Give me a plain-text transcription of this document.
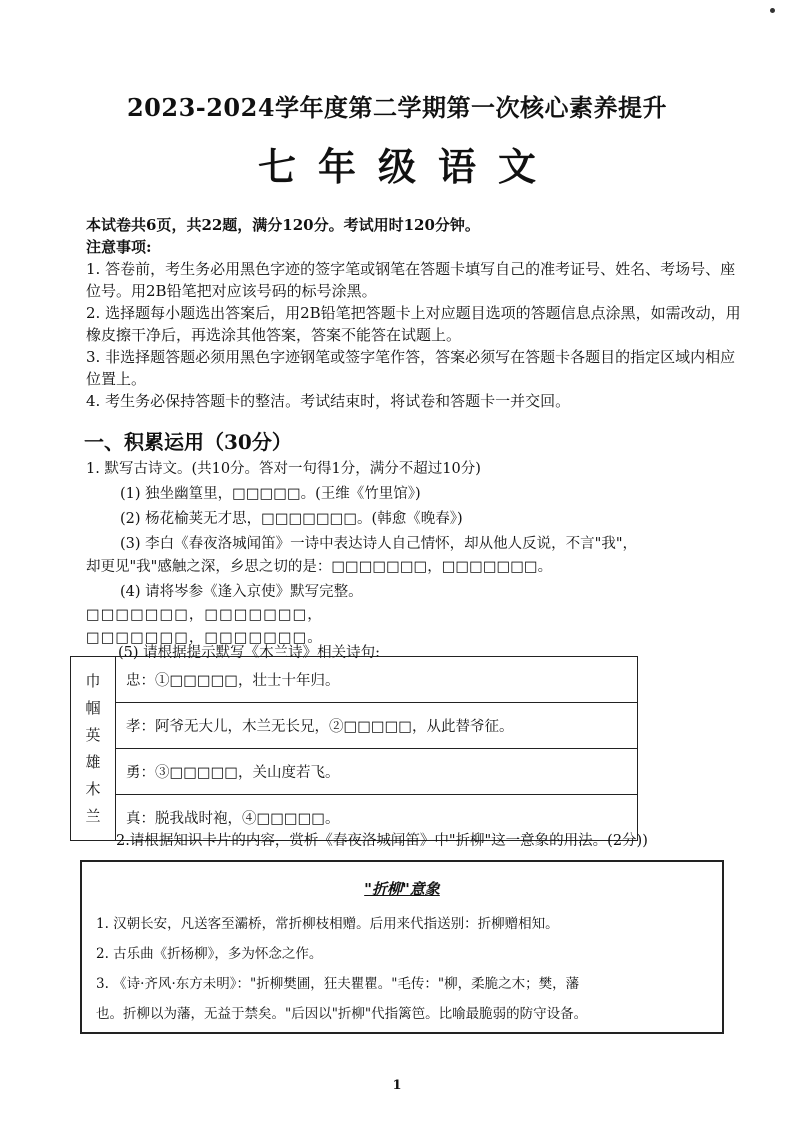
2023-2024学年度第二学期第一次核心素养提升
七年级语文
本试卷共6页，共22题，满分120分。考试用时120分钟。
注意事项:
1. 答卷前，考生务必用黑色字迹的签字笔或钢笔在答题卡填写自己的准考证号、姓名、考场号、座位号。用2B铅笔把对应该号码的标号涂黑。
2. 选择题每小题选出答案后，用2B铅笔把答题卡上对应题目选项的答题信息点涂黑，如需改动，用橡皮擦干净后，再选涂其他答案，答案不能答在试题上。
3. 非选择题答题必须用黑色字迹钢笔或签字笔作答，答案必须写在答题卡各题目的指定区域内相应位置上。
4. 考生务必保持答题卡的整洁。考试结束时，将试卷和答题卡一并交回。
一、积累运用（30分）
1. 默写古诗文。(共10分。答对一句得1分，满分不超过10分)
(1) 独坐幽篁里，□□□□□。(王维《竹里馆》)
(2) 杨花榆荚无才思，□□□□□□□。(韩愈《晚春》)
(3) 李白《春夜洛城闻笛》一诗中表达诗人自己情怀，却从他人反说，不言"我"，
却更见"我"感触之深，乡思之切的是：□□□□□□□，□□□□□□□。
(4) 请将岑参《逢入京使》默写完整。
□□□□□□□，□□□□□□□，
□□□□□□□，□□□□□□□。
(5) 请根据提示默写《木兰诗》相关诗句:
巾
帼
英
雄
木
兰	忠：①□□□□□，壮士十年归。
孝：阿爷无大儿，木兰无长兄，②□□□□□，从此替爷征。
勇：③□□□□□，关山度若飞。
真：脱我战时袍，④□□□□□。
2.请根据知识卡片的内容，赏析《春夜洛城闻笛》中"折柳"这一意象的用法。(2分))
"折柳"意象
1. 汉朝长安，凡送客至灞桥，常折柳枝相赠。后用来代指送别：折柳赠相知。
2. 古乐曲《折杨柳》，多为怀念之作。
3. 《诗·齐风·东方未明》："折柳樊圃，狂夫瞿瞿。"毛传："柳，柔脆之木；樊，藩
也。折柳以为藩，无益于禁矣。"后因以"折柳"代指篱笆。比喻最脆弱的防守设备。
1
